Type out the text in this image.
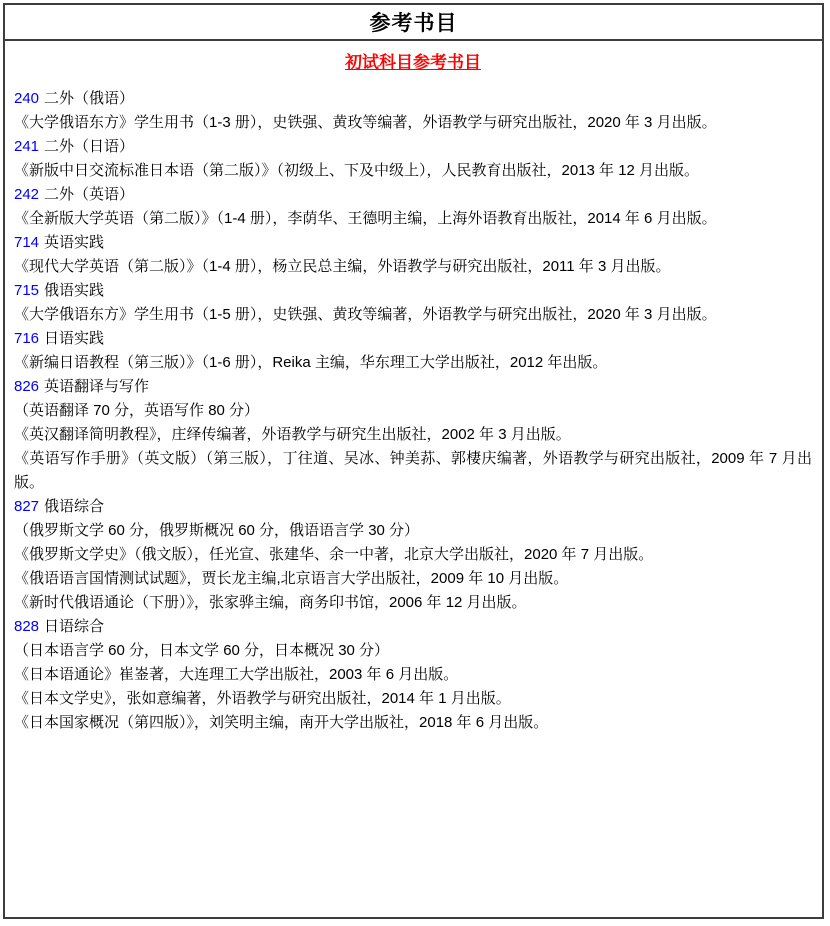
参考书目
初试科目参考书目
240 二外（俄语）
《大学俄语东方》学生用书（1-3 册），史铁强、黄玫等编著，外语教学与研究出版社，2020 年 3 月出版。
241 二外（日语）
《新版中日交流标准日本语（第二版）》（初级上、下及中级上），人民教育出版社，2013 年 12 月出版。
242 二外（英语）
《全新版大学英语（第二版）》（1-4 册），李荫华、王德明主编，上海外语教育出版社，2014 年 6 月出版。
714 英语实践
《现代大学英语（第二版）》（1-4 册），杨立民总主编，外语教学与研究出版社，2011 年 3 月出版。
715 俄语实践
《大学俄语东方》学生用书（1-5 册），史铁强、黄玫等编著，外语教学与研究出版社，2020 年 3 月出版。
716 日语实践
《新编日语教程（第三版）》（1-6 册），Reika 主编，华东理工大学出版社，2012 年出版。
826 英语翻译与写作
（英语翻译 70 分，英语写作 80 分）
《英汉翻译简明教程》，庄绎传编著，外语教学与研究生出版社，2002 年 3 月出版。
《英语写作手册》（英文版）（第三版），丁往道、吴冰、钟美荪、郭棲庆编著，外语教学与研究出版社，2009 年 7 月出版。
827 俄语综合
（俄罗斯文学 60 分，俄罗斯概况 60 分，俄语语言学 30 分）
《俄罗斯文学史》（俄文版），任光宣、张建华、余一中著，北京大学出版社，2020 年 7 月出版。
《俄语语言国情测试试题》，贾长龙主编,北京语言大学出版社，2009 年 10 月出版。
《新时代俄语通论（下册）》，张家骅主编，商务印书馆，2006 年 12 月出版。
828 日语综合
（日本语言学 60 分，日本文学 60 分，日本概况 30 分）
《日本语通论》崔崟著，大连理工大学出版社，2003 年 6 月出版。
《日本文学史》，张如意编著，外语教学与研究出版社，2014 年 1 月出版。
《日本国家概况（第四版）》，刘笑明主编，南开大学出版社，2018 年 6 月出版。
